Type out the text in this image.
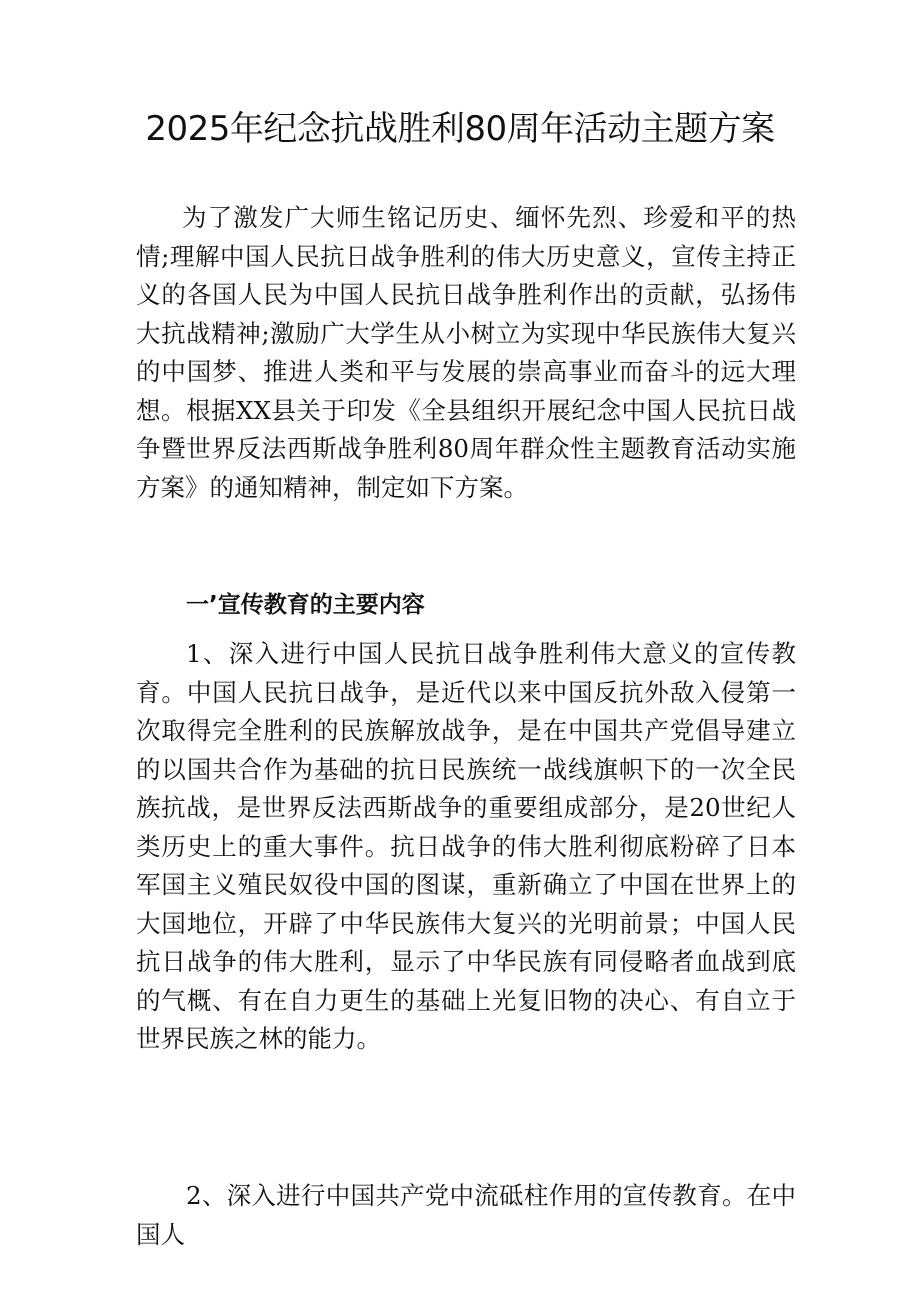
2025年纪念抗战胜利80周年活动主题方案

为了激发广大师生铭记历史、缅怀先烈、珍爱和平的热情;理解中国人民抗日战争胜利的伟大历史意义，宣传主持正义的各国人民为中国人民抗日战争胜利作出的贡献，弘扬伟大抗战精神;激励广大学生从小树立为实现中华民族伟大复兴的中国梦、推进人类和平与发展的崇高事业而奋斗的远大理想。根据XX县关于印发《全县组织开展纪念中国人民抗日战争暨世界反法西斯战争胜利80周年群众性主题教育活动实施方案》的通知精神，制定如下方案。

一’宣传教育的主要内容

1、深入进行中国人民抗日战争胜利伟大意义的宣传教育。中国人民抗日战争，是近代以来中国反抗外敌入侵第一次取得完全胜利的民族解放战争，是在中国共产党倡导建立的以国共合作为基础的抗日民族统一战线旗帜下的一次全民族抗战，是世界反法西斯战争的重要组成部分，是20世纪人类历史上的重大事件。抗日战争的伟大胜利彻底粉碎了日本军国主义殖民奴役中国的图谋，重新确立了中国在世界上的大国地位，开辟了中华民族伟大复兴的光明前景；中国人民抗日战争的伟大胜利，显示了中华民族有同侵略者血战到底的气概、有在自力更生的基础上光复旧物的决心、有自立于世界民族之林的能力。

2、深入进行中国共产党中流砥柱作用的宣传教育。在中国人
